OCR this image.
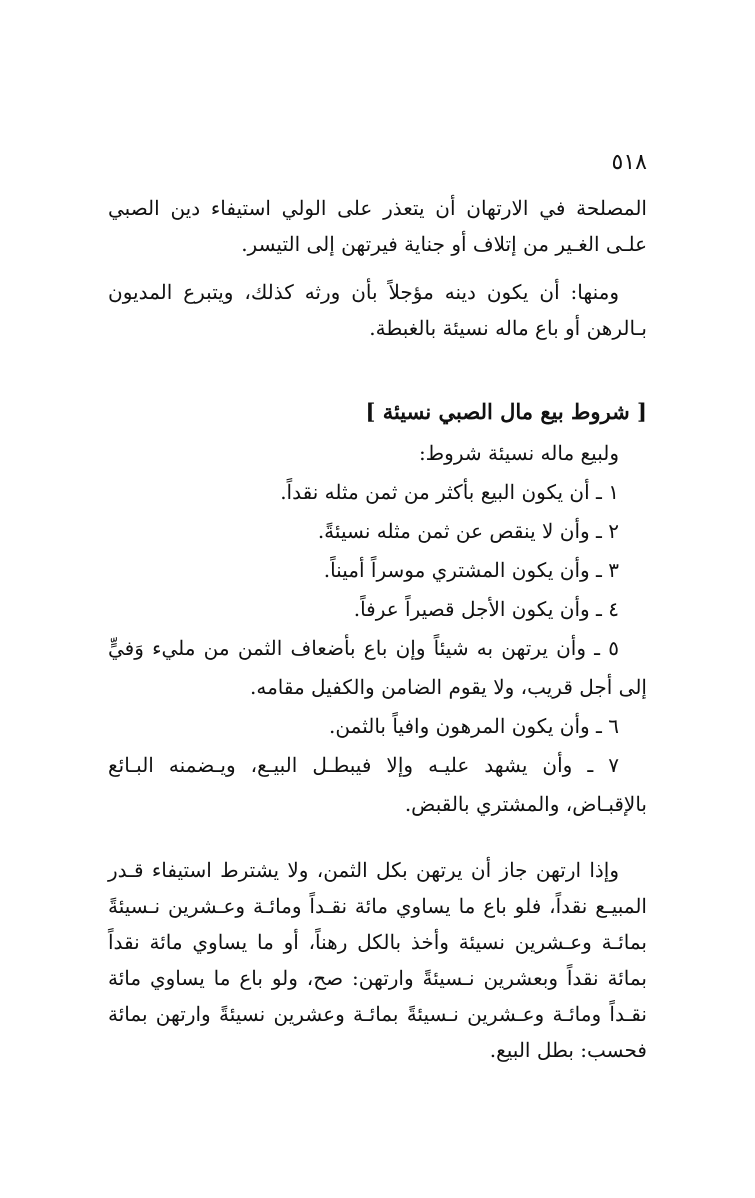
٥١٨

المصلحة في الارتهان أن يتعذر على الولي استيفاء دين الصبي علـى الغـير من إتلاف أو جناية فيرتهن إلى التيسر.

ومنها: أن يكون دينه مؤجلاً بأن ورثه كذلك، ويتبرع المديون بـالرهن أو باع ماله نسيئة بالغبطة.

[ شروط بيع مال الصبي نسيئة ]

ولبيع ماله نسيئة شروط:

١ ـ أن يكون البيع بأكثر من ثمن مثله نقداً.

٢ ـ وأن لا ينقص عن ثمن مثله نسيئةً.

٣ ـ وأن يكون المشتري موسراً أميناً.

٤ ـ وأن يكون الأجل قصيراً عرفاً.

٥ ـ وأن يرتهن به شيئاً وإن باع بأضعاف الثمن من مليء وَفيٍّ إلى أجل قريب، ولا يقوم الضامن والكفيل مقامه.

٦ ـ وأن يكون المرهون وافياً بالثمن.

٧ ـ وأن يشهد عليـه وإلا فيبطـل البيـع، ويـضمنه البـائع بالإقبـاض، والمشتري بالقبض.

وإذا ارتهن جاز أن يرتهن بكل الثمن، ولا يشترط استيفاء قـدر المبيـع نقداً، فلو باع ما يساوي مائة نقـداً ومائـة وعـشرين نـسيئةً بمائـة وعـشرين نسيئة وأخذ بالكل رهناً، أو ما يساوي مائة نقداً بمائة نقداً وبعشرين نـسيئةً وارتهن: صح، ولو باع ما يساوي مائة نقـداً ومائـة وعـشرين نـسيئةً بمائـة وعشرين نسيئةً وارتهن بمائة فحسب: بطل البيع.
